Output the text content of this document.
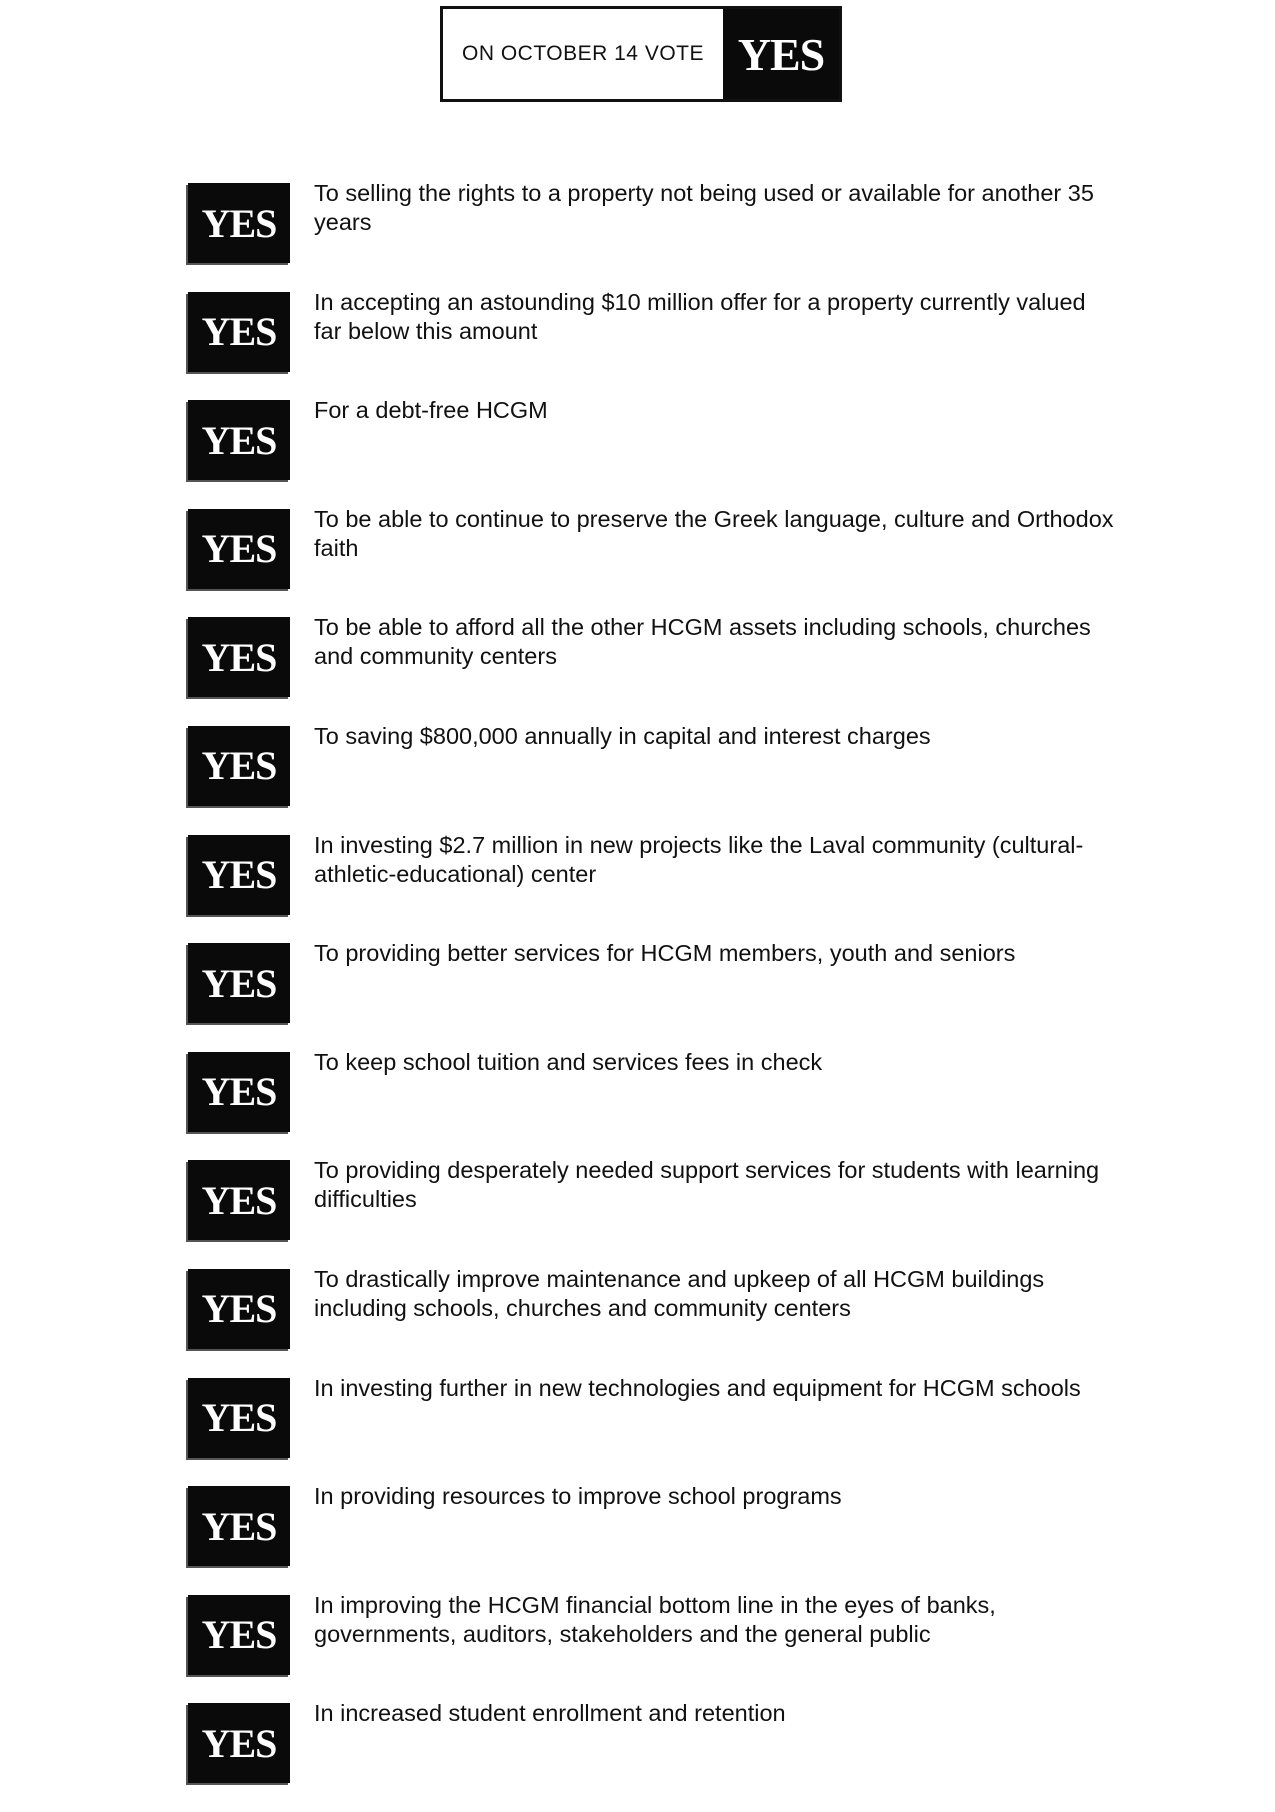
ON OCTOBER 14 VOTE YES
YES
To selling the rights to a property not being used or available for another 35 years
YES
In accepting an astounding $10 million offer for a property currently valued far below this amount
YES
For a debt-free HCGM
YES
To be able to continue to preserve the Greek language, culture and Orthodox faith
YES
To be able to afford all the other HCGM assets including schools, churches and community centers
YES
To saving $800,000 annually in capital and interest charges
YES
In investing $2.7 million in new projects like the Laval community (cultural-athletic-educational) center
YES
To providing better services for HCGM members, youth and seniors
YES
To keep school tuition and services fees in check
YES
To providing desperately needed support services for students with learning difficulties
YES
To drastically improve maintenance and upkeep of all HCGM buildings including schools, churches and community centers
YES
In investing further in new technologies and equipment for HCGM schools
YES
In providing resources to improve school programs
YES
In improving the HCGM financial bottom line in the eyes of banks, governments, auditors, stakeholders and the general public
YES
In increased student enrollment and retention
